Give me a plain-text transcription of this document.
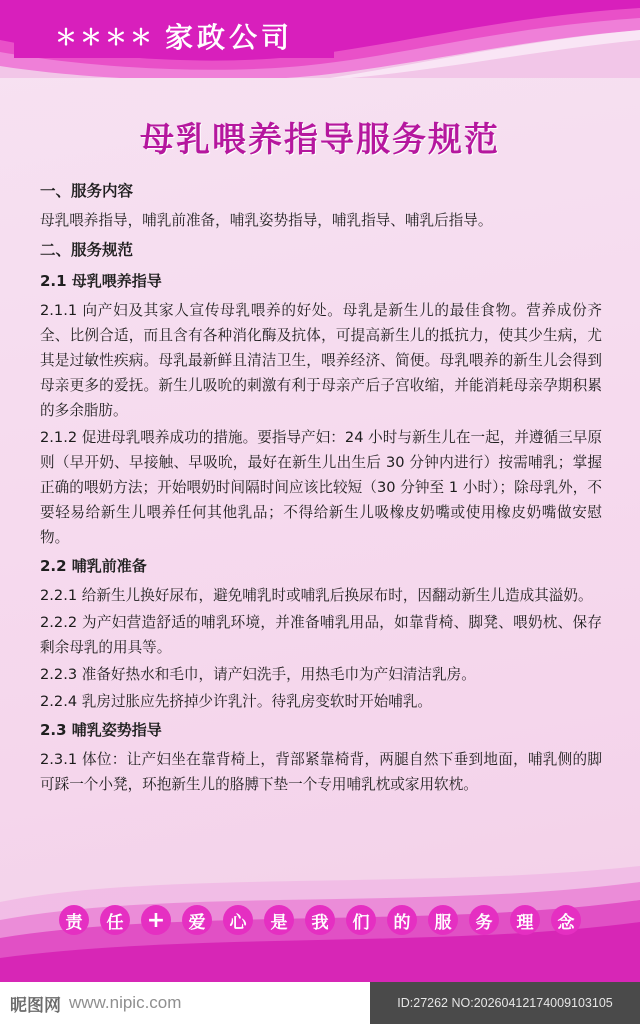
＊＊＊＊ 家政公司
母乳喂养指导服务规范
一、服务内容
母乳喂养指导，哺乳前准备，哺乳姿势指导，哺乳指导、哺乳后指导。
二、服务规范
2.1 母乳喂养指导
2.1.1 向产妇及其家人宣传母乳喂养的好处。母乳是新生儿的最佳食物。营养成份齐全、比例合适，而且含有各种消化酶及抗体，可提高新生儿的抵抗力，使其少生病，尤其是过敏性疾病。母乳最新鲜且清洁卫生，喂养经济、简便。母乳喂养的新生儿会得到母亲更多的爱抚。新生儿吸吮的刺激有利于母亲产后子宫收缩，并能消耗母亲孕期积累的多余脂肪。
2.1.2 促进母乳喂养成功的措施。要指导产妇：24 小时与新生儿在一起，并遵循三早原则（早开奶、早接触、早吸吮，最好在新生儿出生后 30 分钟内进行）按需哺乳；掌握正确的喂奶方法；开始喂奶时间隔时间应该比较短（30 分钟至 1 小时）；除母乳外，不要轻易给新生儿喂养任何其他乳品；不得给新生儿吸橡皮奶嘴或使用橡皮奶嘴做安慰物。
2.2 哺乳前准备
2.2.1 给新生儿换好尿布，避免哺乳时或哺乳后换尿布时，因翻动新生儿造成其溢奶。
2.2.2 为产妇营造舒适的哺乳环境，并准备哺乳用品，如靠背椅、脚凳、喂奶枕、保存剩余母乳的用具等。
2.2.3 准备好热水和毛巾，请产妇洗手，用热毛巾为产妇清洁乳房。
2.2.4 乳房过胀应先挤掉少许乳汁。待乳房变软时开始哺乳。
2.3 哺乳姿势指导
2.3.1 体位：让产妇坐在靠背椅上，背部紧靠椅背，两腿自然下垂到地面，哺乳侧的脚可踩一个小凳，环抱新生儿的胳膊下垫一个专用哺乳枕或家用软枕。
责	任 +	爱	心	是	我	们	的	服	务	理	念
昵图网 www.nipic.com	ID:27262 NO:20260412174009103105
